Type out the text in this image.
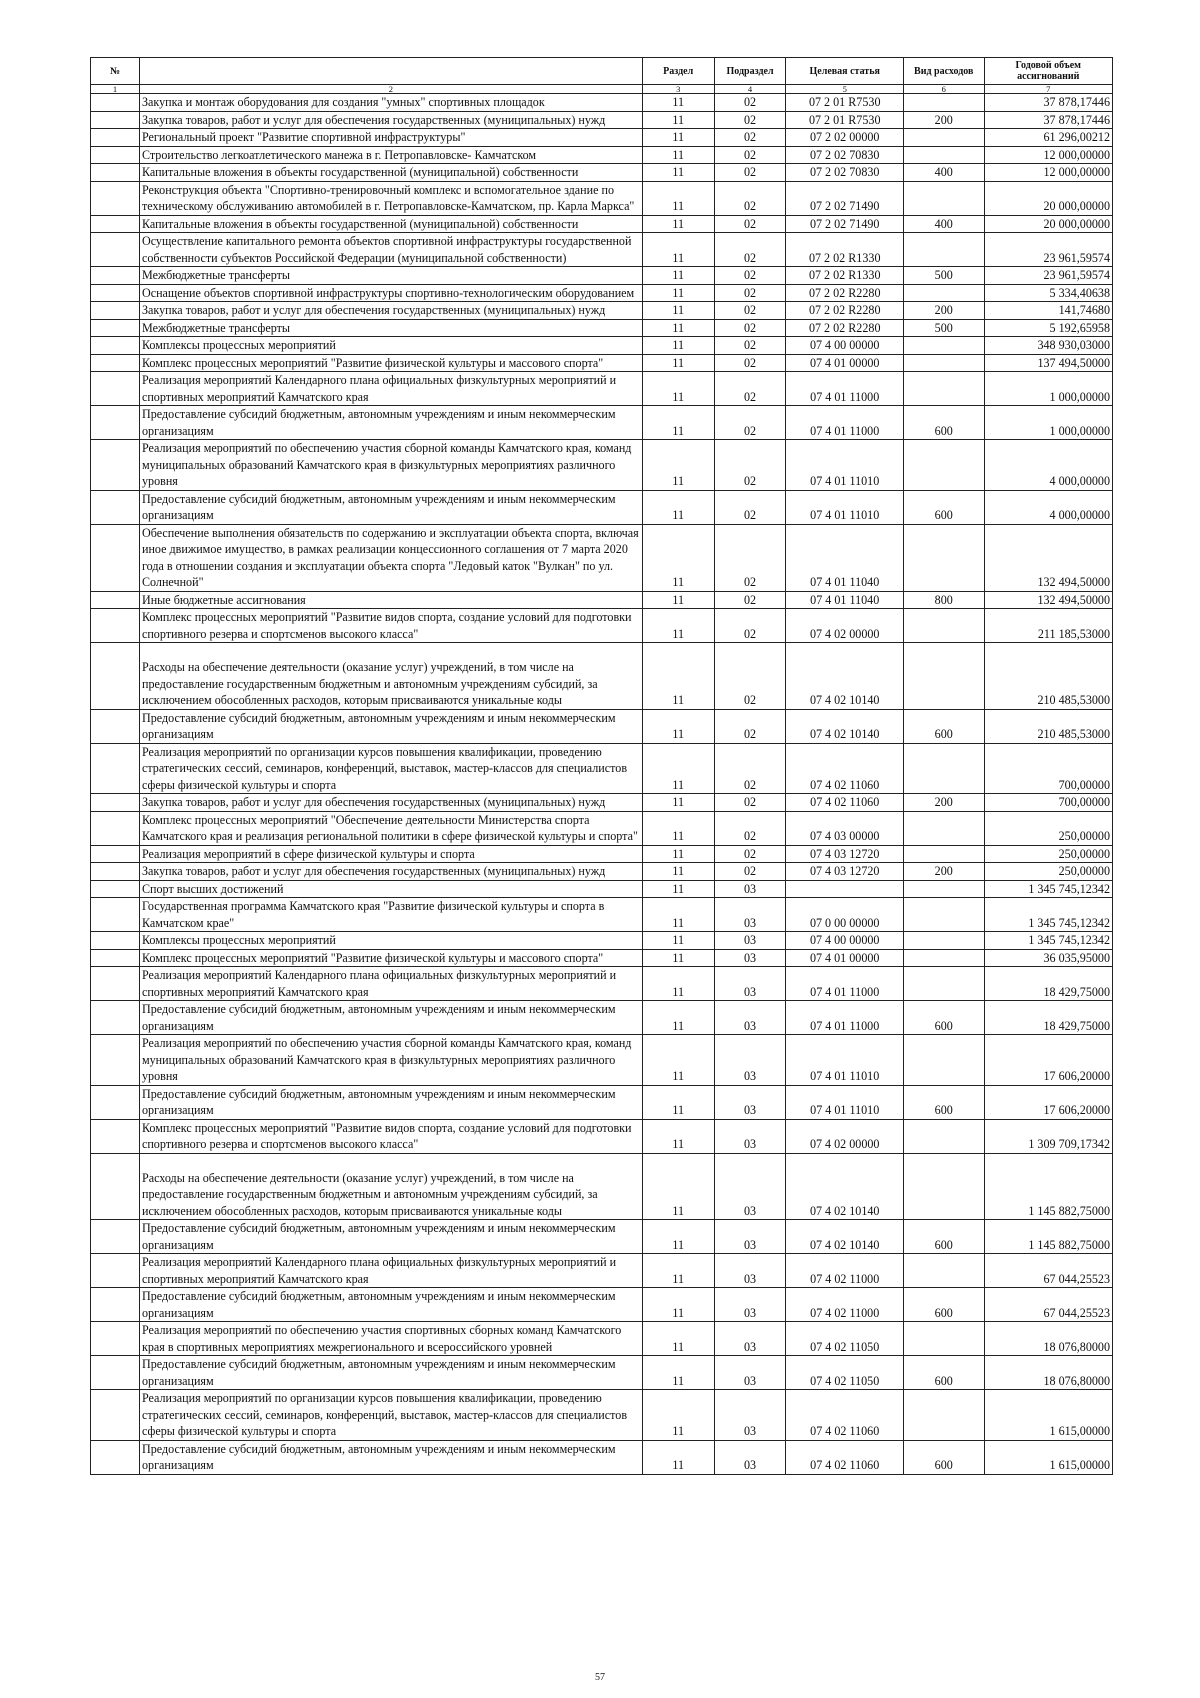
№		Раздел	Подраздел	Целевая статья	Вид расходов	Годовой объем ассигнований
1	2	3	4	5	6	7
	Закупка и монтаж оборудования для создания "умных" спортивных площадок	11	02	07 2 01 R7530		37 878,17446
	Закупка товаров, работ и услуг для обеспечения государственных (муниципальных) нужд	11	02	07 2 01 R7530	200	37 878,17446
	Региональный проект "Развитие спортивной инфраструктуры"	11	02	07 2 02 00000		61 296,00212
	Строительство легкоатлетического манежа в г. Петропавловске- Камчатском	11	02	07 2 02 70830		12 000,00000
	Капитальные вложения в объекты государственной (муниципальной) собственности	11	02	07 2 02 70830	400	12 000,00000
	Реконструкция объекта "Спортивно-тренировочный комплекс и вспомогательное здание по техническому обслуживанию автомобилей в г. Петропавловске-Камчатском, пр. Карла Маркса"	11	02	07 2 02 71490		20 000,00000
	Капитальные вложения в объекты государственной (муниципальной) собственности	11	02	07 2 02 71490	400	20 000,00000
	Осуществление капитального ремонта объектов спортивной инфраструктуры государственной собственности субъектов Российской Федерации (муниципальной собственности)	11	02	07 2 02 R1330		23 961,59574
	Межбюджетные трансферты	11	02	07 2 02 R1330	500	23 961,59574
	Оснащение объектов спортивной инфраструктуры спортивно-технологическим оборудованием	11	02	07 2 02 R2280		5 334,40638
	Закупка товаров, работ и услуг для обеспечения государственных (муниципальных) нужд	11	02	07 2 02 R2280	200	141,74680
	Межбюджетные трансферты	11	02	07 2 02 R2280	500	5 192,65958
	Комплексы процессных мероприятий	11	02	07 4 00 00000		348 930,03000
	Комплекс процессных мероприятий "Развитие физической культуры и массового спорта"	11	02	07 4 01 00000		137 494,50000
	Реализация мероприятий Календарного плана официальных физкультурных мероприятий и спортивных мероприятий Камчатского края	11	02	07 4 01 11000		1 000,00000
	Предоставление субсидий бюджетным, автономным учреждениям и иным некоммерческим организациям	11	02	07 4 01 11000	600	1 000,00000
	Реализация мероприятий по обеспечению участия сборной команды Камчатского края, команд муниципальных образований Камчатского края в физкультурных мероприятиях различного уровня	11	02	07 4 01 11010		4 000,00000
	Предоставление субсидий бюджетным, автономным учреждениям и иным некоммерческим организациям	11	02	07 4 01 11010	600	4 000,00000
	Обеспечение выполнения обязательств по содержанию и эксплуатации объекта спорта, включая иное движимое имущество, в рамках реализации концессионного соглашения от 7 марта 2020 года в отношении создания и эксплуатации объекта спорта "Ледовый каток "Вулкан" по ул. Солнечной"	11	02	07 4 01 11040		132 494,50000
	Иные бюджетные ассигнования	11	02	07 4 01 11040	800	132 494,50000
	Комплекс процессных мероприятий "Развитие видов спорта, создание условий для подготовки спортивного резерва и спортсменов высокого класса"	11	02	07 4 02 00000		211 185,53000
	Расходы на обеспечение деятельности (оказание услуг) учреждений, в том числе на предоставление государственным бюджетным и автономным учреждениям субсидий, за исключением обособленных расходов, которым присваиваются уникальные коды	11	02	07 4 02 10140		210 485,53000
	Предоставление субсидий бюджетным, автономным учреждениям и иным некоммерческим организациям	11	02	07 4 02 10140	600	210 485,53000
	Реализация мероприятий по организации курсов повышения квалификации, проведению стратегических сессий, семинаров, конференций, выставок, мастер-классов для специалистов сферы физической культуры и спорта	11	02	07 4 02 11060		700,00000
	Закупка товаров, работ и услуг для обеспечения государственных (муниципальных) нужд	11	02	07 4 02 11060	200	700,00000
	Комплекс процессных мероприятий "Обеспечение деятельности Министерства спорта Камчатского края и реализация региональной политики в сфере физической культуры и спорта"	11	02	07 4 03 00000		250,00000
	Реализация мероприятий в сфере физической культуры и спорта	11	02	07 4 03 12720		250,00000
	Закупка товаров, работ и услуг для обеспечения государственных (муниципальных) нужд	11	02	07 4 03 12720	200	250,00000
	Спорт высших достижений	11	03			1 345 745,12342
	Государственная программа Камчатского края "Развитие физической культуры и спорта в Камчатском крае"	11	03	07 0 00 00000		1 345 745,12342
	Комплексы процессных мероприятий	11	03	07 4 00 00000		1 345 745,12342
	Комплекс процессных мероприятий "Развитие физической культуры и массового спорта"	11	03	07 4 01 00000		36 035,95000
	Реализация мероприятий Календарного плана официальных физкультурных мероприятий и спортивных мероприятий Камчатского края	11	03	07 4 01 11000		18 429,75000
	Предоставление субсидий бюджетным, автономным учреждениям и иным некоммерческим организациям	11	03	07 4 01 11000	600	18 429,75000
	Реализация мероприятий по обеспечению участия сборной команды Камчатского края, команд муниципальных образований Камчатского края в физкультурных мероприятиях различного уровня	11	03	07 4 01 11010		17 606,20000
	Предоставление субсидий бюджетным, автономным учреждениям и иным некоммерческим организациям	11	03	07 4 01 11010	600	17 606,20000
	Комплекс процессных мероприятий "Развитие видов спорта, создание условий для подготовки спортивного резерва и спортсменов высокого класса"	11	03	07 4 02 00000		1 309 709,17342
	Расходы на обеспечение деятельности (оказание услуг) учреждений, в том числе на предоставление государственным бюджетным и автономным учреждениям субсидий, за исключением обособленных расходов, которым присваиваются уникальные коды	11	03	07 4 02 10140		1 145 882,75000
	Предоставление субсидий бюджетным, автономным учреждениям и иным некоммерческим организациям	11	03	07 4 02 10140	600	1 145 882,75000
	Реализация мероприятий Календарного плана официальных физкультурных мероприятий и спортивных мероприятий Камчатского края	11	03	07 4 02 11000		67 044,25523
	Предоставление субсидий бюджетным, автономным учреждениям и иным некоммерческим организациям	11	03	07 4 02 11000	600	67 044,25523
	Реализация мероприятий по обеспечению участия спортивных сборных команд Камчатского края в спортивных мероприятиях межрегионального и всероссийского уровней	11	03	07 4 02 11050		18 076,80000
	Предоставление субсидий бюджетным, автономным учреждениям и иным некоммерческим организациям	11	03	07 4 02 11050	600	18 076,80000
	Реализация мероприятий по организации курсов повышения квалификации, проведению стратегических сессий, семинаров, конференций, выставок, мастер-классов для специалистов сферы физической культуры и спорта	11	03	07 4 02 11060		1 615,00000
	Предоставление субсидий бюджетным, автономным учреждениям и иным некоммерческим организациям	11	03	07 4 02 11060	600	1 615,00000
57
